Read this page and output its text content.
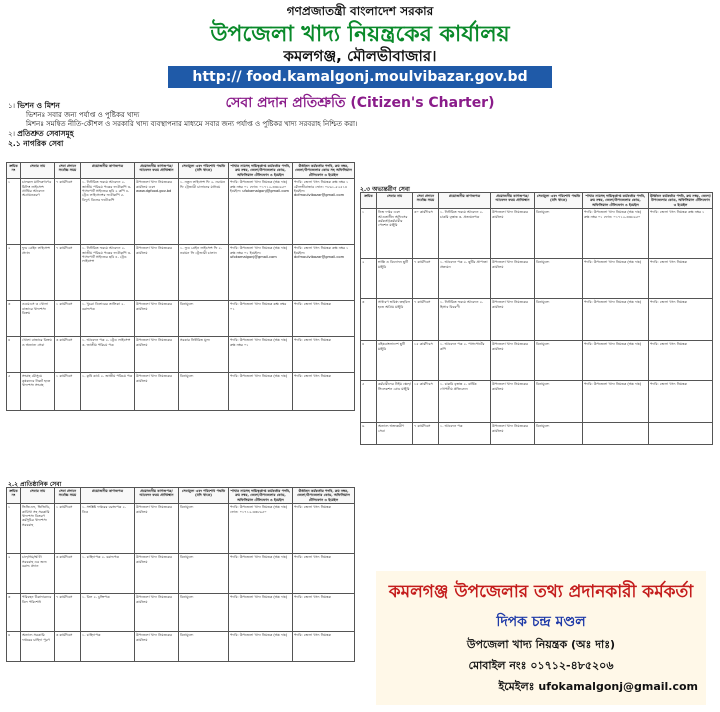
গণপ্রজাতন্ত্রী বাংলাদেশ সরকার
উপজেলা খাদ্য নিয়ন্ত্রকের কার্যালয়
কমলগঞ্জ, মৌলভীবাজার।
http:// food.kamalgonj.moulvibazar.gov.bd
সেবা প্রদান প্রতিশ্রুতি (Citizen's Charter)
১। ভিশন ও মিশন
ভিশনঃ সবার জন্য পর্যাপ্ত ও পুষ্টিকর খাদ্য
মিশনঃ সমন্বিত নীতি-কৌশল ও সরকারি খাদ্য ব্যবস্থাপনার মাধ্যমে সবার জন্য পর্যাপ্ত ও পুষ্টিকর খাদ্য সরবরাহ নিশ্চিত করা।
২। প্রতিশ্রুত সেবাসমূহ
২.১ নাগরিক সেবা
ক্রমিক নং	সেবার নাম	সেবা প্রদানে সর্বোচ্চ সময়	প্রয়োজনীয় কাগজপত্র	প্রয়োজনীয় কাগজপত্র/ আবেদন ফরম প্রাপ্তিস্থান	সেবামূল্য এবং পরিশোধ পদ্ধতি (যদি থাকে)	শাখার নামসহ দায়িত্বপ্রাপ্ত কর্মকর্তার পদবি, রুম নম্বর, জেলা/উপজেলার কোড, অফিসিয়াল টেলিফোন ও ইমেইল	ঊর্ধ্বতন কর্মকর্তার পদবি, রুম নম্বর, জেলা/উপজেলার কোড সহ অফিসিয়াল টেলিফোন ও ইমেইল
১	চালকল মালিকগণের মিলিং লাইসেন্স প্রাপ্তির আবেদন অগ্রায়নকরণ	৭ কার্যদিবস	১. নির্ধারিত ফরমে আবেদন ২. জাতীয় পরিচয় পত্রের ফটোকপি ৩. পাসপোর্ট সাইজের ছবি ২ কপি ৪. ট্রেড লাইসেন্সের ফটোকপি ৫. বিদ্যুৎ বিলের ফটোকপি	উপজেলা খাদ্য নিয়ন্ত্রকের কার্যালয় এবং www.dgfood.gov.bd	১. নতুন লাইসেন্স ফি ২. নবায়ন ফি ট্রেজারী চালানের মাধ্যমে	পদবি: উপজেলা খাদ্য নিয়ন্ত্রক (অঃ দাঃ) কক্ষ নম্বর ০১ ফোন: ০১৭১২-৩৩৮৬৫০ ইমেইল: ufokamalgonj@gmail.com	পদবি: জেলা খাদ্য নিয়ন্ত্রক কক্ষ নম্বর ১ মৌলভীবাজার ফোন: ০৮৬১-৫২৫১৪ ইমেইল: dcfmoulvibazar@gmail.com
২	ফুড গ্রেইন লাইসেন্স প্রদান	৭ কার্যদিবস	১. নির্ধারিত ফরমে আবেদন ২. জাতীয় পরিচয় পত্রের ফটোকপি ৩. পাসপোর্ট সাইজের ছবি ৪. ট্রেড লাইসেন্স	উপজেলা খাদ্য নিয়ন্ত্রকের কার্যালয়	১. ফুড গ্রেইন লাইসেন্স ফি ২. নবায়ন ফি ট্রেজারী চালান	পদবি: উপজেলা খাদ্য নিয়ন্ত্রক (অঃ দাঃ) কক্ষ নম্বর ০১ ইমেইল: ufokamalgonj@gmail.com	পদবি: জেলা খাদ্য নিয়ন্ত্রক কক্ষ নম্বর ১ ইমেইল: dcfmoulvibazar@gmail.com
৩	ওএমএস ও খোলা বাজারে খাদ্যশস্য বিক্রয়	১ কার্যদিবস	১. খুচরা ডিলারের তালিকা ২. বরাদ্দপত্র	উপজেলা খাদ্য নিয়ন্ত্রকের কার্যালয়	বিনামূল্যে	পদবি: উপজেলা খাদ্য নিয়ন্ত্রক কক্ষ নম্বর ০১	পদবি: জেলা খাদ্য নিয়ন্ত্রক
৪	খোলা বাজারে বিক্রয় ও অন্যান্য সেবা	৩ কার্যদিবস	১. আবেদন পত্র ২. ট্রেড লাইসেন্স ৩. জাতীয় পরিচয় পত্র	উপজেলা খাদ্য নিয়ন্ত্রকের কার্যালয়	সরকার নির্ধারিত মূল্য	পদবি: উপজেলা খাদ্য নিয়ন্ত্রক (অঃ দাঃ) কক্ষ নম্বর ০১	পদবি: জেলা খাদ্য নিয়ন্ত্রক
৫	সংগ্রহ মৌসুমে কৃষকদের নিকট হতে খাদ্যশস্য সংগ্রহ	১ কার্যদিবস	১. কৃষি কার্ড ২. জাতীয় পরিচয় পত্র	উপজেলা খাদ্য নিয়ন্ত্রকের কার্যালয়	বিনামূল্যে	পদবি: উপজেলা খাদ্য নিয়ন্ত্রক (অঃ দাঃ)	পদবি: জেলা খাদ্য নিয়ন্ত্রক
২.৩ অভ্যন্তরীণ সেবা
ক্রমিক	সেবার নাম	সেবা প্রদানে সর্বোচ্চ সময়	প্রয়োজনীয় কাগজপত্র	প্রয়োজনীয় কাগজপত্র/ আবেদন ফরম প্রাপ্তিস্থান	সেবামূল্য এবং পরিশোধ পদ্ধতি (যদি থাকে)	শাখার নামসহ দায়িত্বপ্রাপ্ত কর্মকর্তার পদবি, রুম নম্বর, জেলা/উপজেলার কোড, অফিসিয়াল টেলিফোন ও ইমেইল	ঊর্ধ্বতন কর্মকর্তার পদবি, রুম নম্বর, জেলা/উপজেলার কোড, অফিসিয়াল টেলিফোন ও ইমেইল
১	নিজ দপ্তর এবং আওতাধীন অফিসের কর্মকর্তা/কর্মচারীর পেনশন মঞ্জুরি	৩০ কার্যদিবস	১. নির্ধারিত ফরমে আবেদন ২. চাকরি বৃত্তান্ত ৩. প্রত্যয়নপত্র	উপজেলা খাদ্য নিয়ন্ত্রকের কার্যালয়	বিনামূল্যে	পদবি: উপজেলা খাদ্য নিয়ন্ত্রক (অঃ দাঃ) কক্ষ নম্বর ০১ ফোন: ০১৭১২-৩৩৮৬৫০	পদবি: জেলা খাদ্য নিয়ন্ত্রক কক্ষ নম্বর ১
২	শ্রান্তি ও বিনোদন ছুটি মঞ্জুরি	৭ কার্যদিবস	১. আবেদন পত্র ২. ছুটির প্রাপ্যতা প্রত্যয়ন	উপজেলা খাদ্য নিয়ন্ত্রকের কার্যালয়	বিনামূল্যে	পদবি: উপজেলা খাদ্য নিয়ন্ত্রক (অঃ দাঃ)	পদবি: জেলা খাদ্য নিয়ন্ত্রক
৩	সাধারণ ভবিষ্য তহবিল হতে অগ্রিম মঞ্জুরি	৭ কার্যদিবস	১. নির্ধারিত ফরমে আবেদন ২. হিসাব বিবরণী	উপজেলা খাদ্য নিয়ন্ত্রকের কার্যালয়	বিনামূল্যে	পদবি: উপজেলা খাদ্য নিয়ন্ত্রক (অঃ দাঃ)	পদবি: জেলা খাদ্য নিয়ন্ত্রক
৪	বহিঃবাংলাদেশ ছুটি মঞ্জুরি	১৫ কার্যদিবস	১. আবেদন পত্র ২. পাসপোর্টের কপি	উপজেলা খাদ্য নিয়ন্ত্রকের কার্যালয়	বিনামূল্যে	পদবি: উপজেলা খাদ্য নিয়ন্ত্রক (অঃ দাঃ)	পদবি: জেলা খাদ্য নিয়ন্ত্রক
৫	কর্মচারীদের টাইম স্কেল/সিলেকশন গ্রেড মঞ্জুরি	১৫ কার্যদিবস	১. চাকরি বৃত্তান্ত ২. বার্ষিক গোপনীয় প্রতিবেদন	উপজেলা খাদ্য নিয়ন্ত্রকের কার্যালয়	বিনামূল্যে	পদবি: উপজেলা খাদ্য নিয়ন্ত্রক (অঃ দাঃ)	পদবি: জেলা খাদ্য নিয়ন্ত্রক
৬	অন্যান্য অভ্যন্তরীণ সেবা	৭ কার্যদিবস	১. আবেদন পত্র	উপজেলা খাদ্য নিয়ন্ত্রকের কার্যালয়	বিনামূল্যে		
২.২ প্রাতিষ্ঠানিক সেবা
ক্রমিক নং	সেবার নাম	সেবা প্রদানে সর্বোচ্চ সময়	প্রয়োজনীয় কাগজপত্র	প্রয়োজনীয় কাগজপত্র/ আবেদন ফরম প্রাপ্তিস্থান	সেবামূল্য এবং পরিশোধ পদ্ধতি (যদি থাকে)	শাখার নামসহ দায়িত্বপ্রাপ্ত কর্মকর্তার পদবি, রুম নম্বর, জেলা/উপজেলার কোড, অফিসিয়াল টেলিফোন ও ইমেইল	ঊর্ধ্বতন কর্মকর্তার পদবি, রুম নম্বর, জেলা/উপজেলার কোড, অফিসিয়াল টেলিফোন ও ইমেইল
১	ভিজিএফ, ভিজিডি, কাবিখা সহ সরকারি খাদ্যশস্য বিতরণ কর্মসূচির খাদ্যশস্য সরবরাহ	১ কার্যদিবস	১. সংশ্লিষ্ট দপ্তরের বরাদ্দপত্র ২. ডিও	উপজেলা খাদ্য নিয়ন্ত্রকের কার্যালয়	বিনামূল্যে	পদবি: উপজেলা খাদ্য নিয়ন্ত্রক (অঃ দাঃ) ফোন: ০১৭১২-৩৩৮৬৫০	পদবি: জেলা খাদ্য নিয়ন্ত্রক
২	চাল/গম/আটা সরবরাহ এর জন্য বরাদ্দ প্রদান	৩ কার্যদিবস	১. চাহিদাপত্র ২. বরাদ্দপত্র	উপজেলা খাদ্য নিয়ন্ত্রকের কার্যালয়	বিনামূল্যে	পদবি: উপজেলা খাদ্য নিয়ন্ত্রক (অঃ দাঃ)	পদবি: জেলা খাদ্য নিয়ন্ত্রক
৩	পরিবহন ঠিকাদারদের বিল পরিশোধ	৭ কার্যদিবস	১. বিল ২. চুক্তিপত্র	উপজেলা খাদ্য নিয়ন্ত্রকের কার্যালয়	বিনামূল্যে	পদবি: উপজেলা খাদ্য নিয়ন্ত্রক (অঃ দাঃ)	পদবি: জেলা খাদ্য নিয়ন্ত্রক
৪	অন্যান্য সরকারি দপ্তরের চাহিদা পূরণ	৩ কার্যদিবস	১. চাহিদাপত্র	উপজেলা খাদ্য নিয়ন্ত্রকের কার্যালয়	বিনামূল্যে	পদবি: উপজেলা খাদ্য নিয়ন্ত্রক (অঃ দাঃ)	পদবি: জেলা খাদ্য নিয়ন্ত্রক
কমলগঞ্জ উপজেলার তথ্য প্রদানকারী কর্মকর্তা
দিপক চন্দ্র মণ্ডল
উপজেলা খাদ্য নিয়ন্ত্রক (অঃ দাঃ)
মোবাইল নংঃ ০১৭১২-৪৮৫২০৬
ইমেইলঃ ufokamalgonj@gmail.com
